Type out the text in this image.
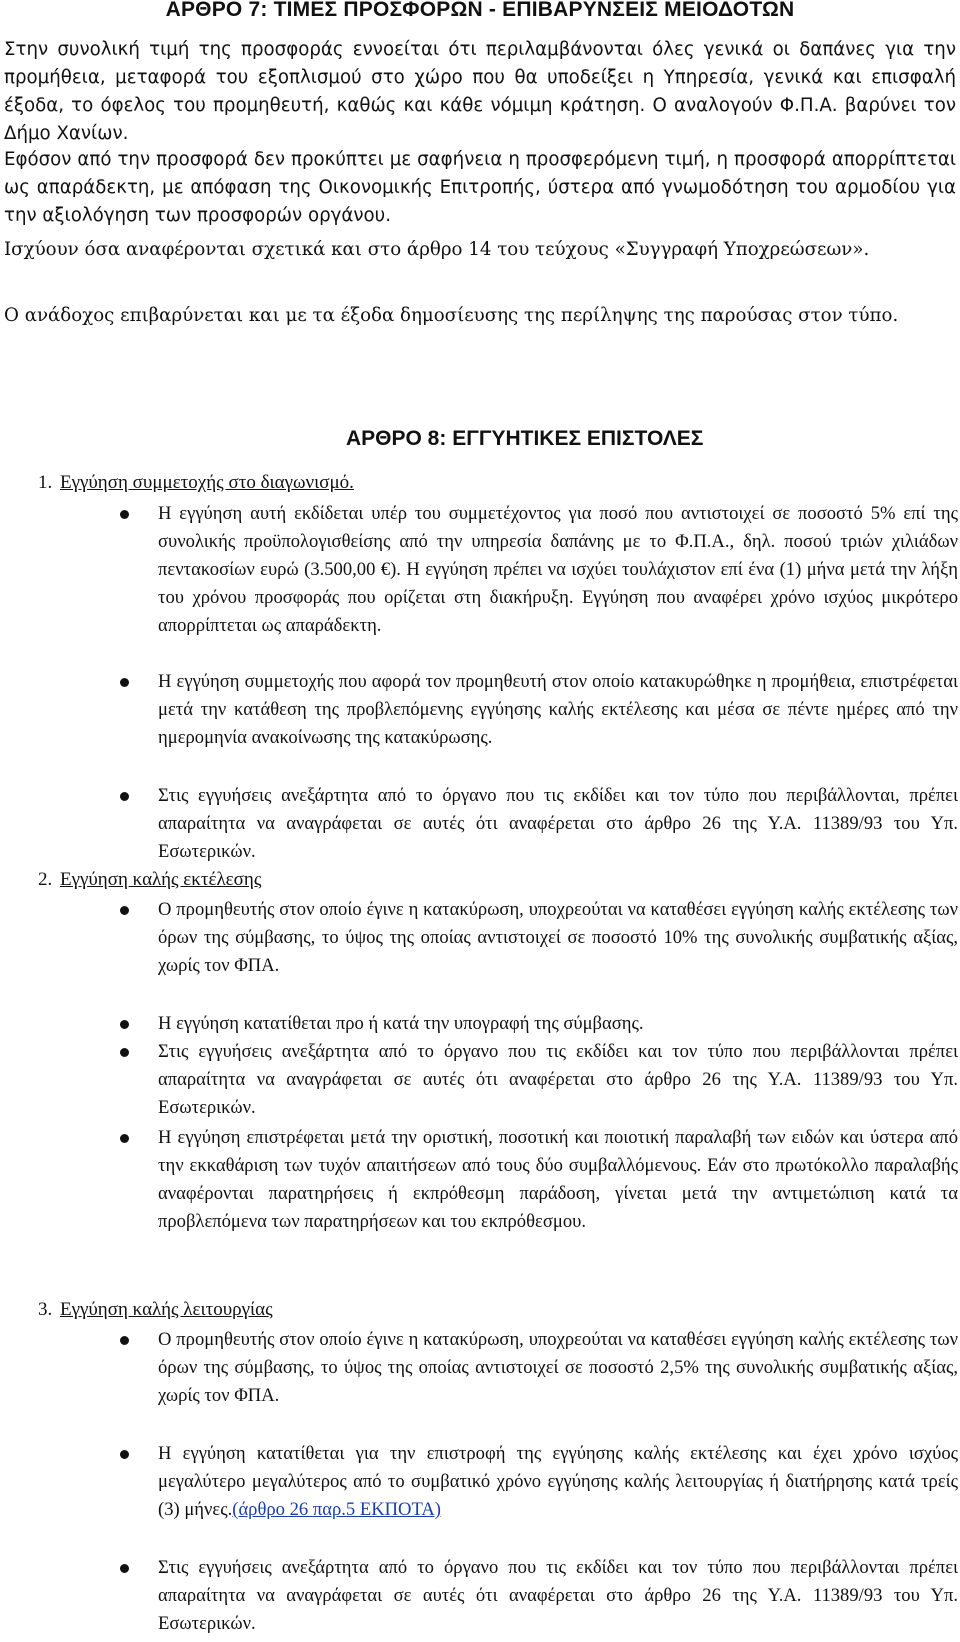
ΑΡΘΡΟ 7: ΤΙΜΕΣ ΠΡΟΣΦΟΡΩΝ - ΕΠΙΒΑΡΥΝΣΕΙΣ ΜΕΙΟΔΟΤΩΝ
Στην συνολική τιμή της προσφοράς εννοείται ότι περιλαμβάνονται όλες γενικά οι δαπάνες για την προμήθεια, μεταφορά του εξοπλισμού στο χώρο που θα υποδείξει η Υπηρεσία, γενικά και επισφαλή έξοδα, το όφελος του προμηθευτή, καθώς και κάθε νόμιμη κράτηση. Ο αναλογούν Φ.Π.Α. βαρύνει τον Δήμο Χανίων.
Εφόσον από την προσφορά δεν προκύπτει με σαφήνεια η προσφερόμενη τιμή, η προσφορά απορρίπτεται ως απαράδεκτη, με απόφαση της Οικονομικής Επιτροπής, ύστερα από γνωμοδότηση του αρμοδίου για την αξιολόγηση των προσφορών οργάνου.
Ισχύουν όσα αναφέρονται σχετικά και στο άρθρο 14 του τεύχους «Συγγραφή Υποχρεώσεων».
Ο ανάδοχος επιβαρύνεται και με τα έξοδα δημοσίευσης της περίληψης της παρούσας στον τύπο.
ΑΡΘΡΟ 8: ΕΓΓΥΗΤΙΚΕΣ ΕΠΙΣΤΟΛΕΣ
1. Εγγύηση συμμετοχής στο διαγωνισμό.
Η εγγύηση αυτή εκδίδεται υπέρ του συμμετέχοντος για ποσό που αντιστοιχεί σε ποσοστό 5% επί της συνολικής προϋπολογισθείσης από την υπηρεσία δαπάνης με το Φ.Π.Α., δηλ. ποσού τριών χιλιάδων πεντακοσίων ευρώ (3.500,00 €). Η εγγύηση πρέπει να ισχύει τουλάχιστον επί ένα (1) μήνα μετά την λήξη του χρόνου προσφοράς που ορίζεται στη διακήρυξη. Εγγύηση που αναφέρει χρόνο ισχύος μικρότερο απορρίπτεται ως απαράδεκτη.
Η εγγύηση συμμετοχής που αφορά τον προμηθευτή στον οποίο κατακυρώθηκε η προμήθεια, επιστρέφεται μετά την κατάθεση της προβλεπόμενης εγγύησης καλής εκτέλεσης και μέσα σε πέντε ημέρες από την ημερομηνία ανακοίνωσης της κατακύρωσης.
Στις εγγυήσεις ανεξάρτητα από το όργανο που τις εκδίδει και τον τύπο που περιβάλλονται, πρέπει απαραίτητα να αναγράφεται σε αυτές ότι αναφέρεται στο άρθρο 26 της Υ.Α. 11389/93 του Υπ. Εσωτερικών.
2. Εγγύηση καλής εκτέλεσης
Ο προμηθευτής στον οποίο έγινε η κατακύρωση, υποχρεούται να καταθέσει εγγύηση καλής εκτέλεσης των όρων της σύμβασης, το ύψος της οποίας αντιστοιχεί σε ποσοστό 10% της συνολικής συμβατικής αξίας, χωρίς τον ΦΠΑ.
Η εγγύηση κατατίθεται προ ή κατά την υπογραφή της σύμβασης.
Στις εγγυήσεις ανεξάρτητα από το όργανο που τις εκδίδει και τον τύπο που περιβάλλονται πρέπει απαραίτητα να αναγράφεται σε αυτές ότι αναφέρεται στο άρθρο 26 της Υ.Α. 11389/93 του Υπ. Εσωτερικών.
Η εγγύηση επιστρέφεται μετά την οριστική, ποσοτική και ποιοτική παραλαβή των ειδών και ύστερα από την εκκαθάριση των τυχόν απαιτήσεων από τους δύο συμβαλλόμενους. Εάν στο πρωτόκολλο παραλαβής αναφέρονται παρατηρήσεις ή εκπρόθεσμη παράδοση, γίνεται μετά την αντιμετώπιση κατά τα προβλεπόμενα των παρατηρήσεων και του εκπρόθεσμου.
3. Εγγύηση καλής λειτουργίας
Ο προμηθευτής στον οποίο έγινε η κατακύρωση, υποχρεούται να καταθέσει εγγύηση καλής εκτέλεσης των όρων της σύμβασης, το ύψος της οποίας αντιστοιχεί σε ποσοστό 2,5% της συνολικής συμβατικής αξίας, χωρίς τον ΦΠΑ.
Η εγγύηση κατατίθεται για την επιστροφή της εγγύησης καλής εκτέλεσης και έχει χρόνο ισχύος μεγαλύτερο μεγαλύτερος από το συμβατικό χρόνο εγγύησης καλής λειτουργίας ή διατήρησης κατά τρείς (3) μήνες.(άρθρο 26 παρ.5 ΕΚΠΟΤΑ)
Στις εγγυήσεις ανεξάρτητα από το όργανο που τις εκδίδει και τον τύπο που περιβάλλονται πρέπει απαραίτητα να αναγράφεται σε αυτές ότι αναφέρεται στο άρθρο 26 της Υ.Α. 11389/93 του Υπ. Εσωτερικών.
